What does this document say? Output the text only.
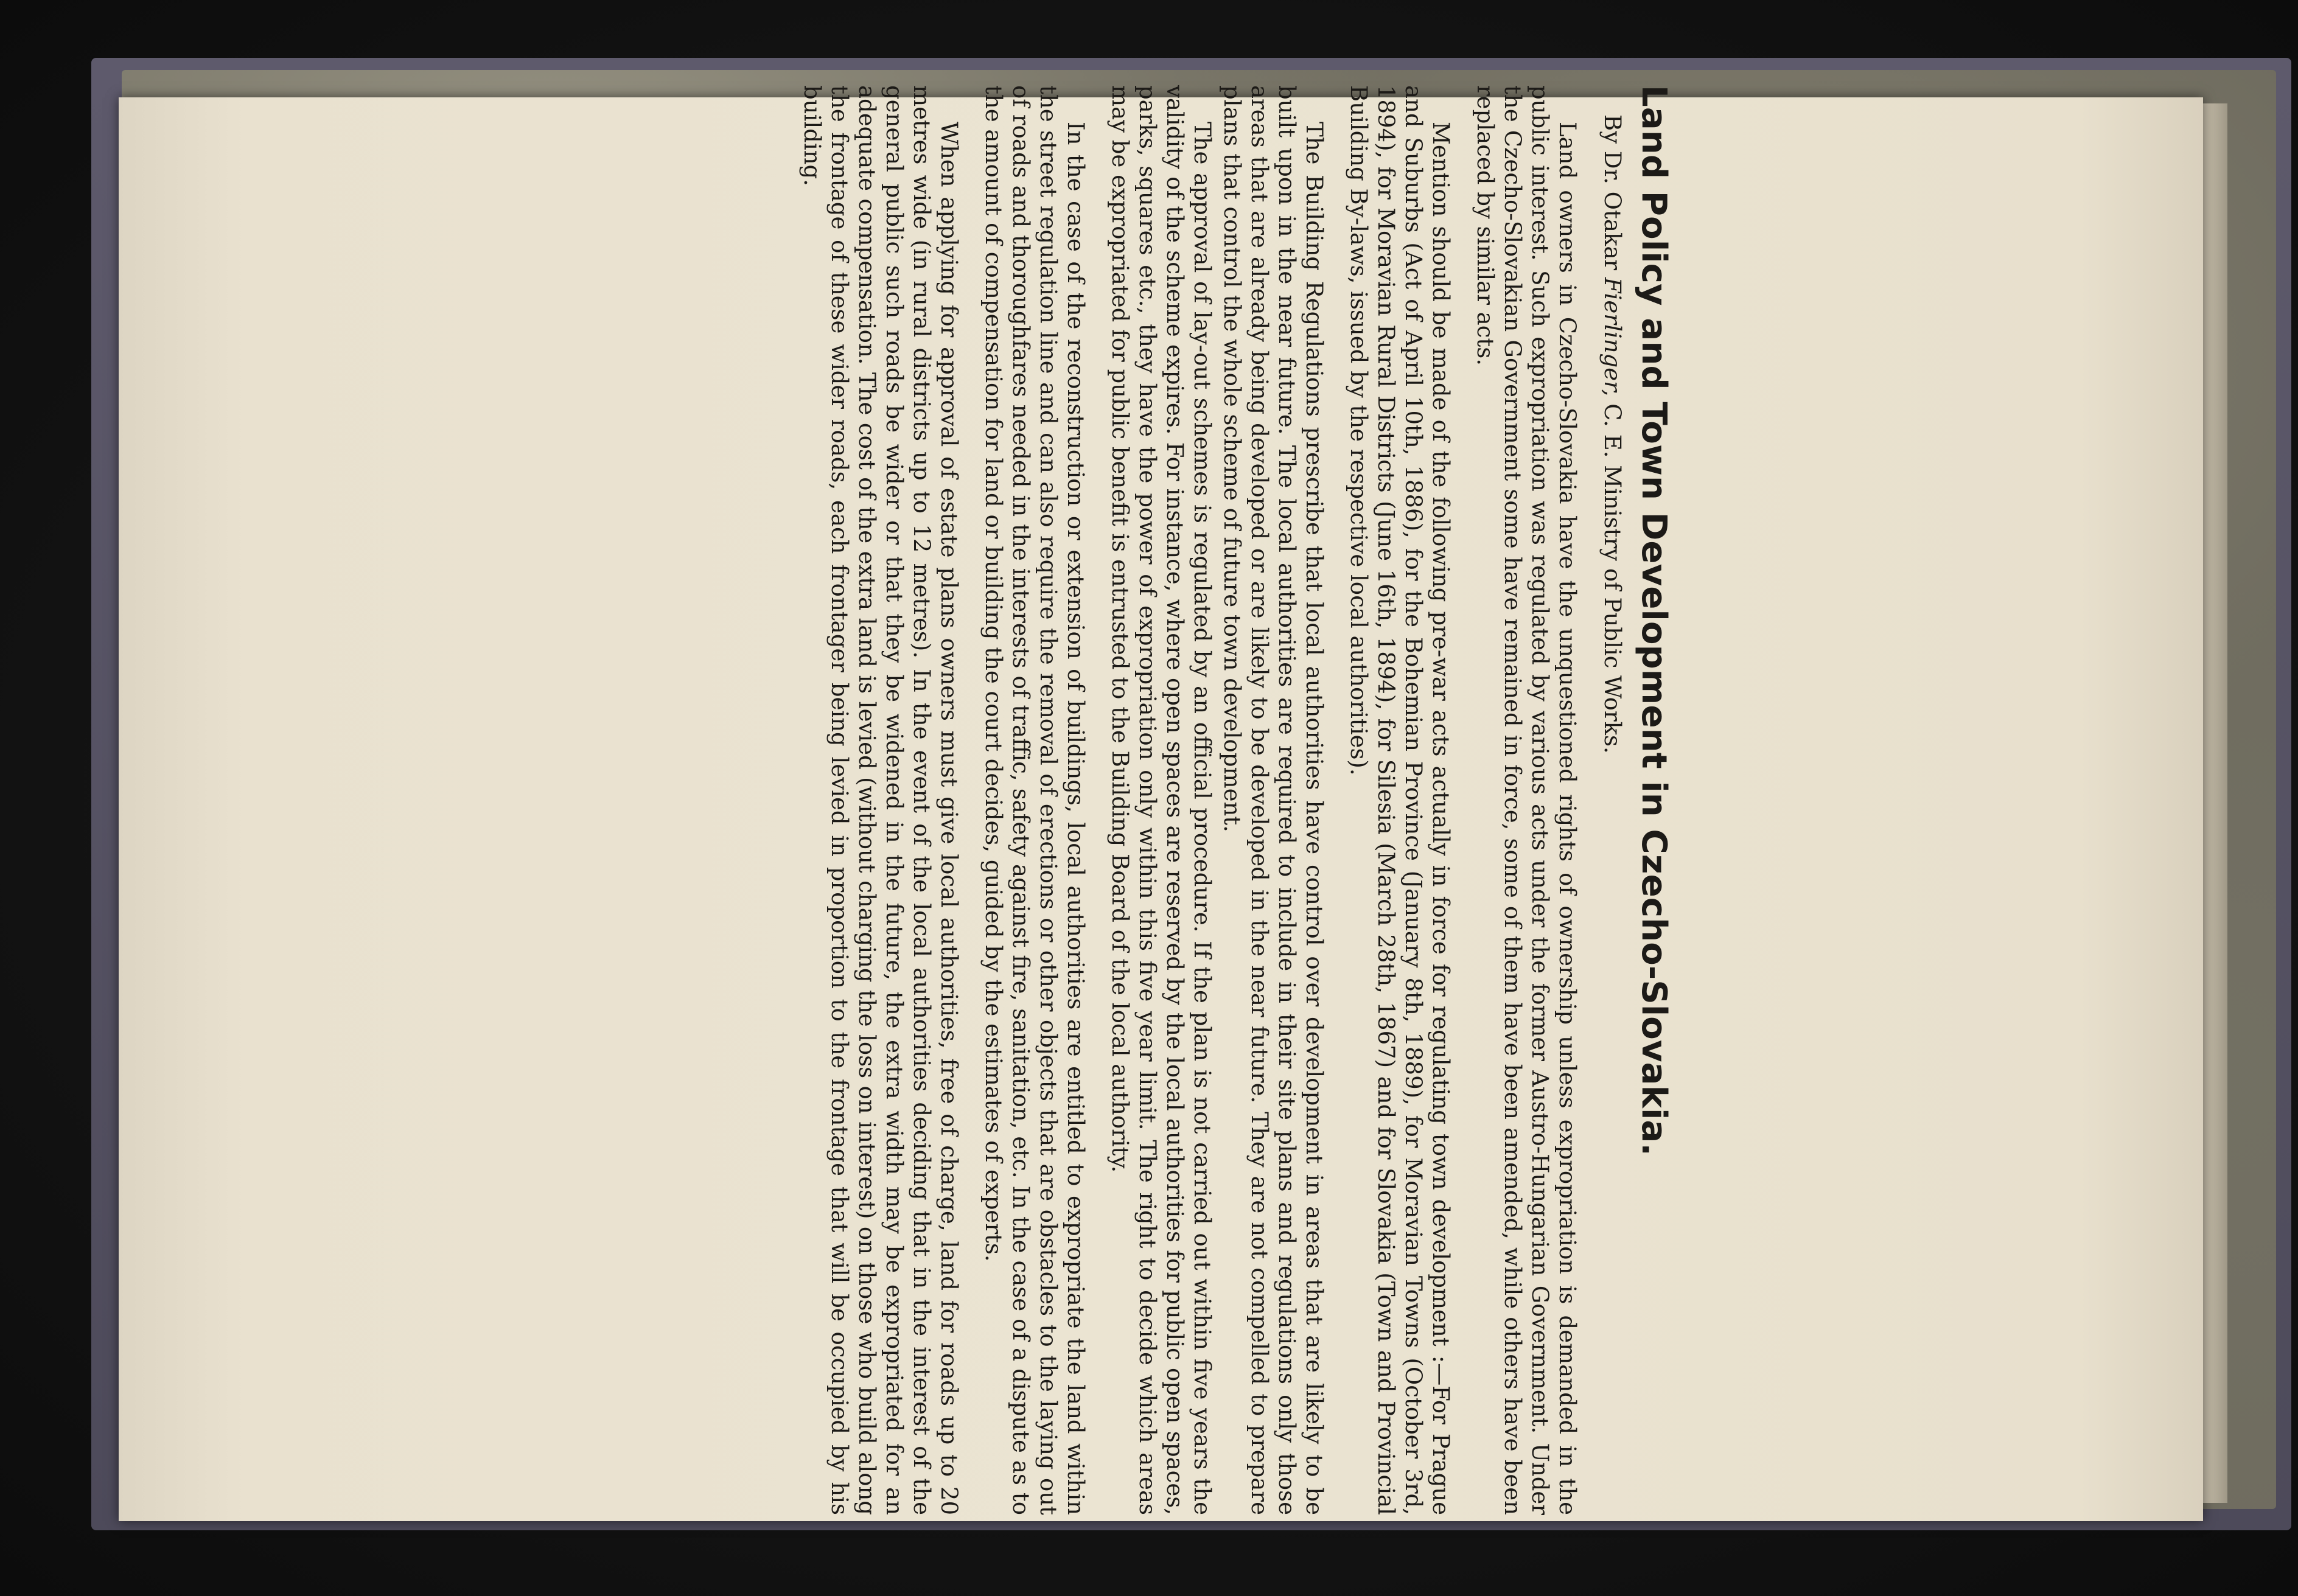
Land Policy and Town Development in Czecho-Slovakia.
By Dr. Otakar Fierlinger, C. E. Ministry of Public Works.

Land owners in Czecho-Slovakia have the unquestioned rights of ownership unless expropriation is demanded in the public interest. Such expropriation was regulated by various acts under the former Austro-Hungarian Government. Under the Czecho-Slovakian Government some have remained in force, some of them have been amended, while others have been replaced by similar acts.

Mention should be made of the following pre-war acts actually in force for regulating town development :—For Prague and Suburbs (Act of April 10th, 1886), for the Bohemian Province (January 8th, 1889), for Moravian Towns (October 3rd, 1894), for Moravian Rural Districts (June 16th, 1894), for Silesia (March 28th, 1867) and for Slovakia (Town and Provincial Building By-laws, issued by the respective local authorities).

The Building Regulations prescribe that local authorities have control over development in areas that are likely to be built upon in the near future. The local authorities are required to include in their site plans and regulations only those areas that are already being developed or are likely to be developed in the near future. They are not compelled to prepare plans that control the whole scheme of future town development.

The approval of lay-out schemes is regulated by an official procedure. If the plan is not carried out within five years the validity of the scheme expires. For instance, where open spaces are reserved by the local authorities for public open spaces, parks, squares etc., they have the power of expropriation only within this five year limit. The right to decide which areas may be expropriated for public benefit is entrusted to the Building Board of the local authority.

In the case of the reconstruction or extension of buildings, local authorities are entitled to expropriate the land within the street regulation line and can also require the removal of erections or other objects that are obstacles to the laying out of roads and thoroughfares needed in the interests of traffic, safety against fire, sanitation, etc. In the case of a dispute as to the amount of compensation for land or building the court decides, guided by the estimates of experts.

When applying for approval of estate plans owners must give local authorities, free of charge, land for roads up to 20 metres wide (in rural districts up to 12 metres). In the event of the local authorities deciding that in the interest of the general public such roads be wider or that they be widened in the future, the extra width may be expropriated for an adequate compensation. The cost of the extra land is levied (without charging the loss on interest) on those who build along the frontage of these wider roads, each frontager being levied in proportion to the frontage that will be occupied by his building.
